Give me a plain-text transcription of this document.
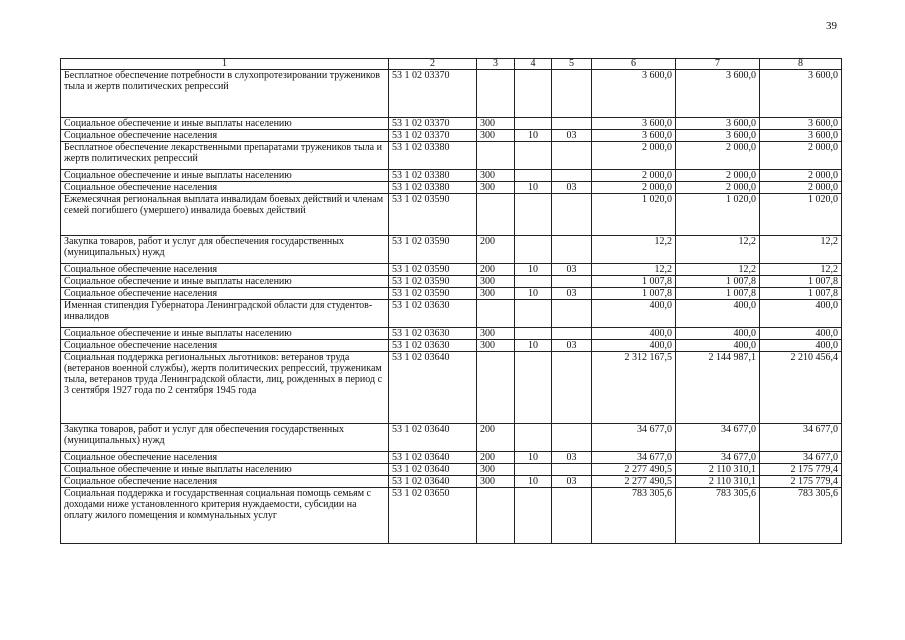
39
1	2	3	4	5	6	7	8
Бесплатное обеспечение потребности в слухопротезировании тружеников тыла и жертв политических репрессий	53 1 02 03370				3 600,0	3 600,0	3 600,0
Социальное обеспечение и иные выплаты населению	53 1 02 03370	300			3 600,0	3 600,0	3 600,0
Социальное обеспечение населения	53 1 02 03370	300	10	03	3 600,0	3 600,0	3 600,0
Бесплатное обеспечение лекарственными препаратами тружеников тыла и жертв политических репрессий	53 1 02 03380				2 000,0	2 000,0	2 000,0
Социальное обеспечение и иные выплаты населению	53 1 02 03380	300			2 000,0	2 000,0	2 000,0
Социальное обеспечение населения	53 1 02 03380	300	10	03	2 000,0	2 000,0	2 000,0
Ежемесячная региональная выплата инвалидам боевых действий и членам семей погибшего (умершего) инвалида боевых действий	53 1 02 03590				1 020,0	1 020,0	1 020,0
Закупка товаров, работ и услуг для обеспечения государственных (муниципальных) нужд	53 1 02 03590	200			12,2	12,2	12,2
Социальное обеспечение населения	53 1 02 03590	200	10	03	12,2	12,2	12,2
Социальное обеспечение и иные выплаты населению	53 1 02 03590	300			1 007,8	1 007,8	1 007,8
Социальное обеспечение населения	53 1 02 03590	300	10	03	1 007,8	1 007,8	1 007,8
Именная стипендия Губернатора Ленинградской области для студентов-инвалидов	53 1 02 03630				400,0	400,0	400,0
Социальное обеспечение и иные выплаты населению	53 1 02 03630	300			400,0	400,0	400,0
Социальное обеспечение населения	53 1 02 03630	300	10	03	400,0	400,0	400,0
Социальная поддержка региональных льготников: ветеранов труда (ветеранов военной службы), жертв политических репрессий, труженикам тыла, ветеранов труда Ленинградской области, лиц, рожденных в период с 3 сентября 1927 года по 2 сентября 1945 года	53 1 02 03640				2 312 167,5	2 144 987,1	2 210 456,4
Закупка товаров, работ и услуг для обеспечения государственных (муниципальных) нужд	53 1 02 03640	200			34 677,0	34 677,0	34 677,0
Социальное обеспечение населения	53 1 02 03640	200	10	03	34 677,0	34 677,0	34 677,0
Социальное обеспечение и иные выплаты населению	53 1 02 03640	300			2 277 490,5	2 110 310,1	2 175 779,4
Социальное обеспечение населения	53 1 02 03640	300	10	03	2 277 490,5	2 110 310,1	2 175 779,4
Социальная поддержка и государственная социальная помощь семьям с доходами ниже установленного критерия нуждаемости, субсидии на оплату жилого помещения и коммунальных услуг	53 1 02 03650				783 305,6	783 305,6	783 305,6
